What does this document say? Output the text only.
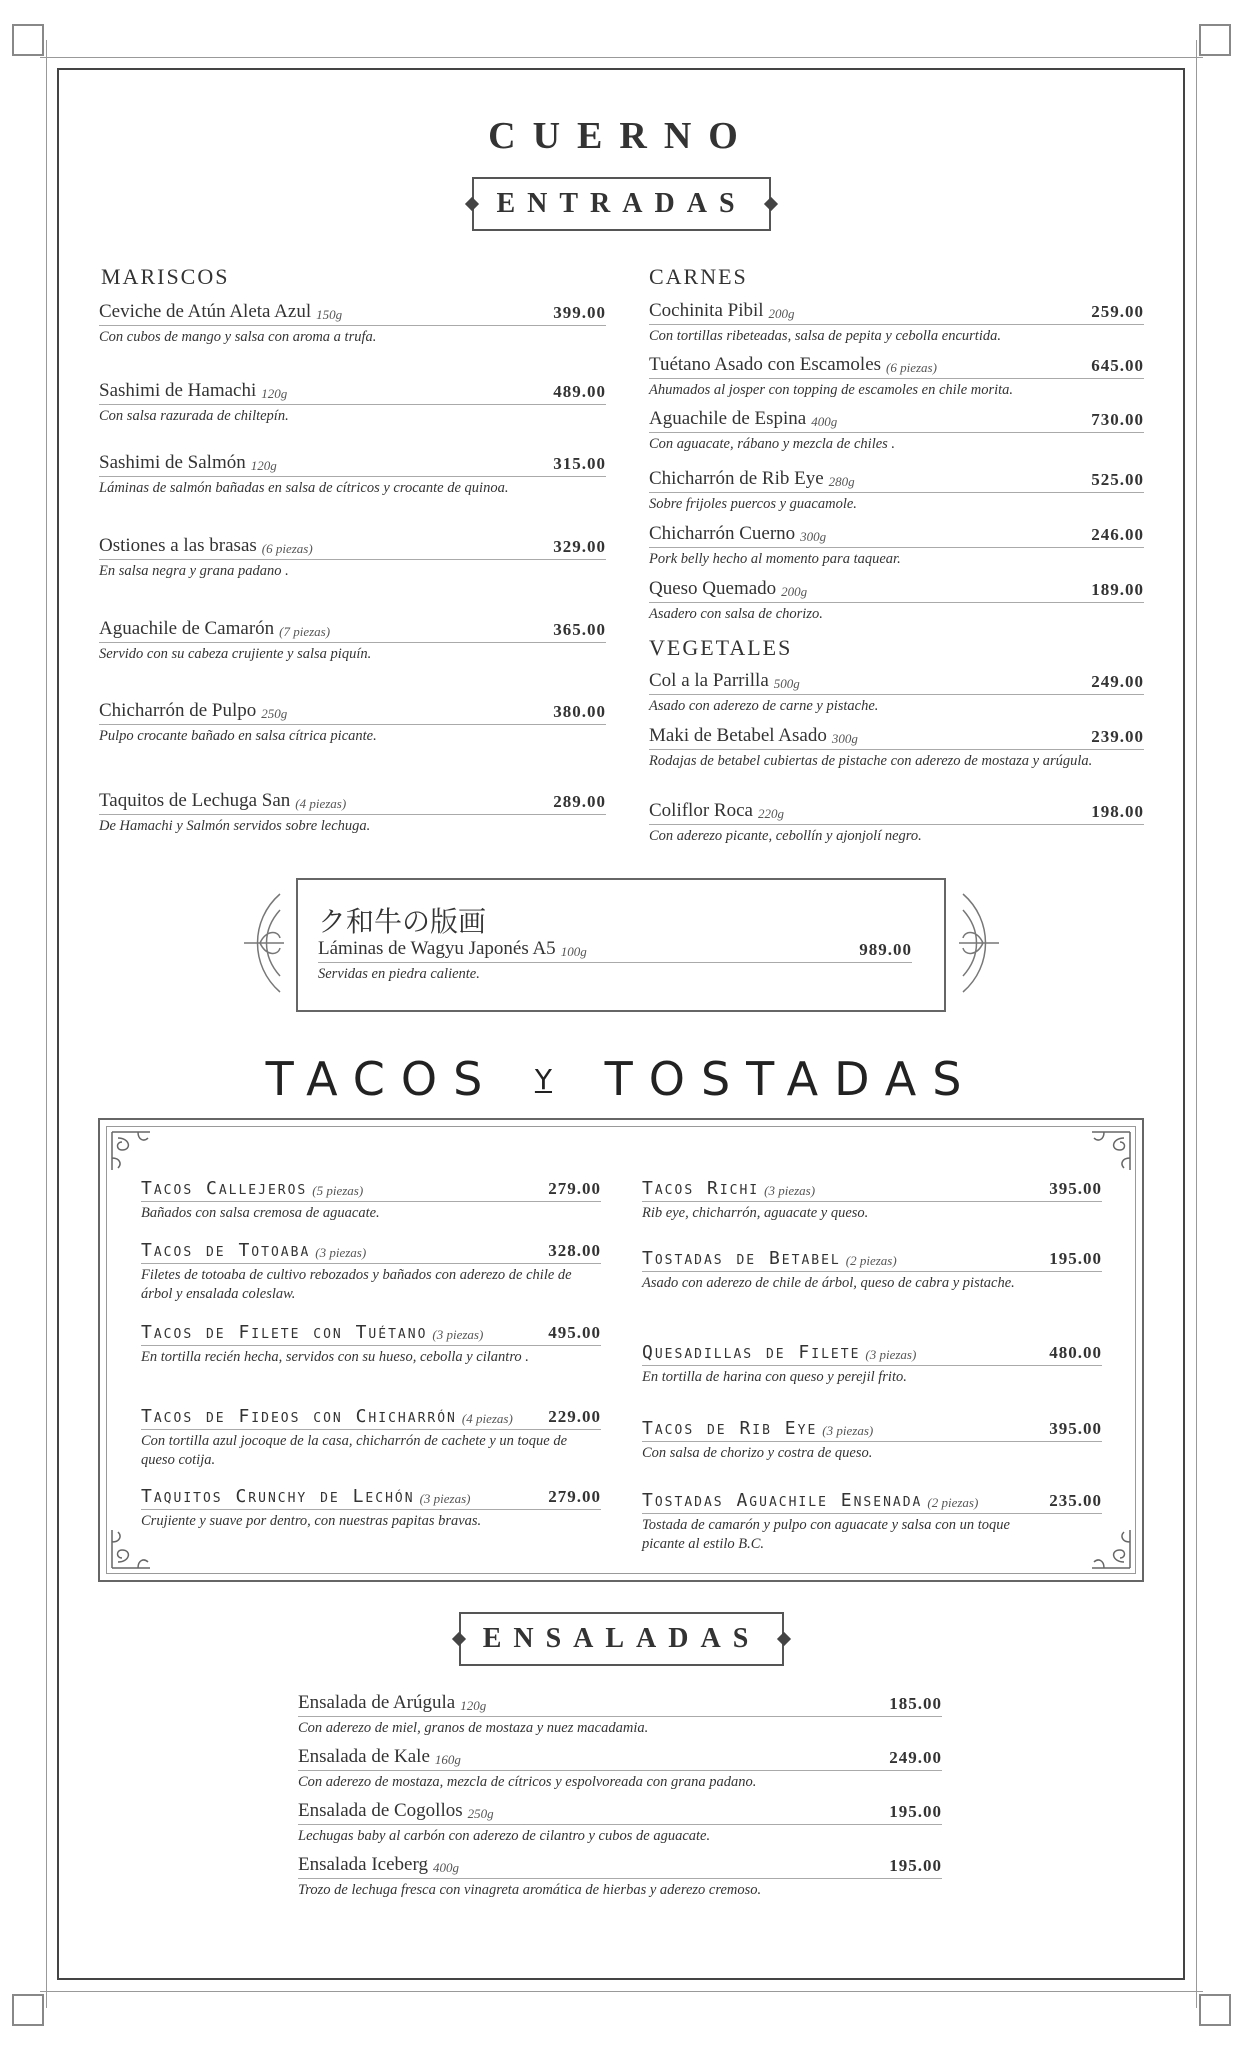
CUERNO
ENTRADAS
MARISCOS
Ceviche de Atún Aleta Azul 150g	399.00
Con cubos de mango y salsa con aroma a trufa.
Sashimi de Hamachi 120g	489.00
Con salsa razurada de chiltepín.
Sashimi de Salmón 120g	315.00
Láminas de salmón bañadas en salsa de cítricos y crocante de quinoa.
Ostiones a las brasas (6 piezas)	329.00
En salsa negra y grana padano .
Aguachile de Camarón (7 piezas)	365.00
Servido con su cabeza crujiente y salsa piquín.
Chicharrón de Pulpo 250g	380.00
Pulpo crocante bañado en salsa cítrica picante.
Taquitos de Lechuga San (4 piezas)	289.00
De Hamachi y Salmón servidos sobre lechuga.
CARNES
Cochinita Pibil 200g	259.00
Con tortillas ribeteadas, salsa de pepita y cebolla encurtida.
Tuétano Asado con Escamoles (6 piezas)	645.00
Ahumados al josper con topping de escamoles en chile morita.
Aguachile de Espina 400g	730.00
Con aguacate, rábano y mezcla de chiles .
Chicharrón de Rib Eye 280g	525.00
Sobre frijoles puercos y guacamole.
Chicharrón Cuerno 300g	246.00
Pork belly hecho al momento para taquear.
Queso Quemado 200g	189.00
Asadero con salsa de chorizo.
VEGETALES
Col a la Parrilla 500g	249.00
Asado con aderezo de carne y pistache.
Maki de Betabel Asado 300g	239.00
Rodajas de betabel cubiertas de pistache con aderezo de mostaza y arúgula.
Coliflor Roca 220g	198.00
Con aderezo picante, cebollín y ajonjolí negro.
ク和牛の版画
Láminas de Wagyu Japonés A5 100g	989.00
Servidas en piedra caliente.
TACOS Y TOSTADAS
Tacos Callejeros (5 piezas)	279.00
Bañados con salsa cremosa de aguacate.
Tacos de Totoaba (3 piezas)	328.00
Filetes de totoaba de cultivo rebozados y bañados con aderezo de chile de árbol y ensalada coleslaw.
Tacos de Filete con Tuétano (3 piezas)	495.00
En tortilla recién hecha, servidos con su hueso, cebolla y cilantro .
Tacos de Fideos con Chicharrón (4 piezas) 229.00
Con tortilla azul jocoque de la casa, chicharrón de cachete y un toque de queso cotija.
Taquitos Crunchy de Lechón (3 piezas)	279.00
Crujiente y suave por dentro, con nuestras papitas bravas.
Tacos Richi (3 piezas)	395.00
Rib eye, chicharrón, aguacate y queso.
Tostadas de Betabel (2 piezas)	195.00
Asado con aderezo de chile de árbol, queso de cabra y pistache.
Quesadillas de Filete (3 piezas)	480.00
En tortilla de harina con queso y perejil frito.
Tacos de Rib Eye (3 piezas)	395.00
Con salsa de chorizo y costra de queso.
Tostadas Aguachile Ensenada (2 piezas)	235.00
Tostada de camarón y pulpo con aguacate y salsa con un toque picante al estilo B.C.
ENSALADAS
Ensalada de Arúgula 120g	185.00
Con aderezo de miel, granos de mostaza y nuez macadamia.
Ensalada de Kale 160g	249.00
Con aderezo de mostaza, mezcla de cítricos y espolvoreada con grana padano.
Ensalada de Cogollos 250g	195.00
Lechugas baby al carbón con aderezo de cilantro y cubos de aguacate.
Ensalada Iceberg 400g	195.00
Trozo de lechuga fresca con vinagreta aromática de hierbas y aderezo cremoso.
